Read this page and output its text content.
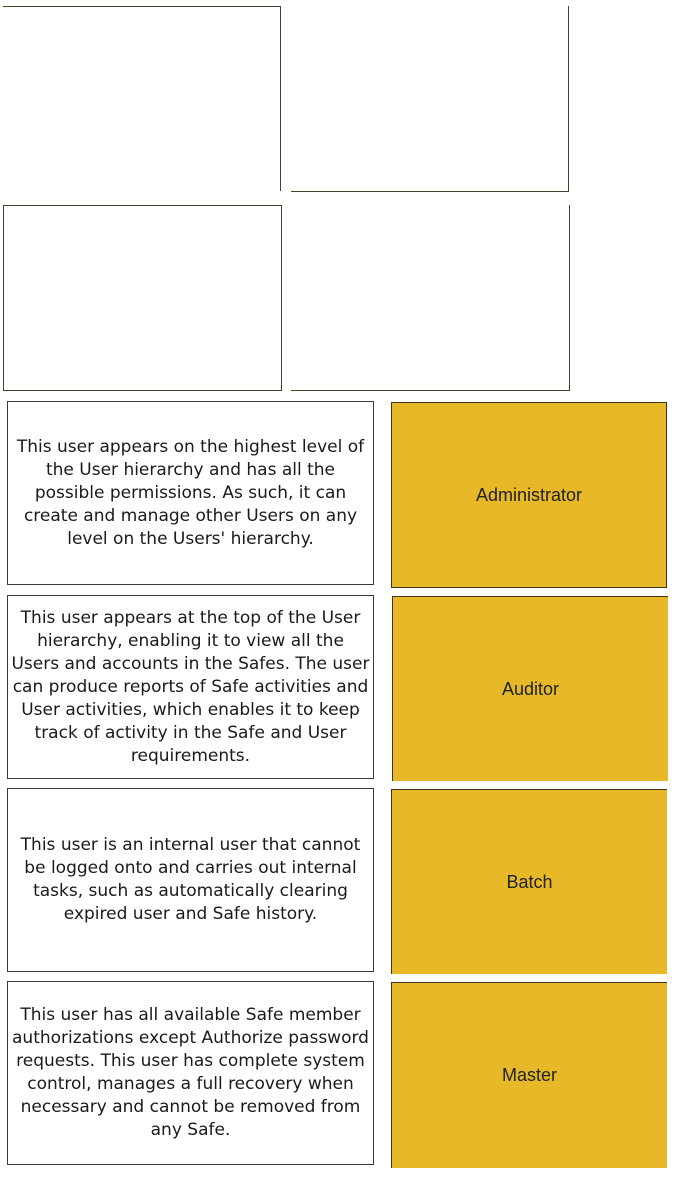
This user appears on the highest level of the User hierarchy and has all the possible permissions. As such, it can create and manage other Users on any level on the Users' hierarchy.
This user appears at the top of the User hierarchy, enabling it to view all the Users and accounts in the Safes. The user can produce reports of Safe activities and User activities, which enables it to keep track of activity in the Safe and User requirements.
This user is an internal user that cannot be logged onto and carries out internal tasks, such as automatically clearing expired user and Safe history.
This user has all available Safe member authorizations except Authorize password requests. This user has complete system control, manages a full recovery when necessary and cannot be removed from any Safe.
Administrator
Auditor
Batch
Master
